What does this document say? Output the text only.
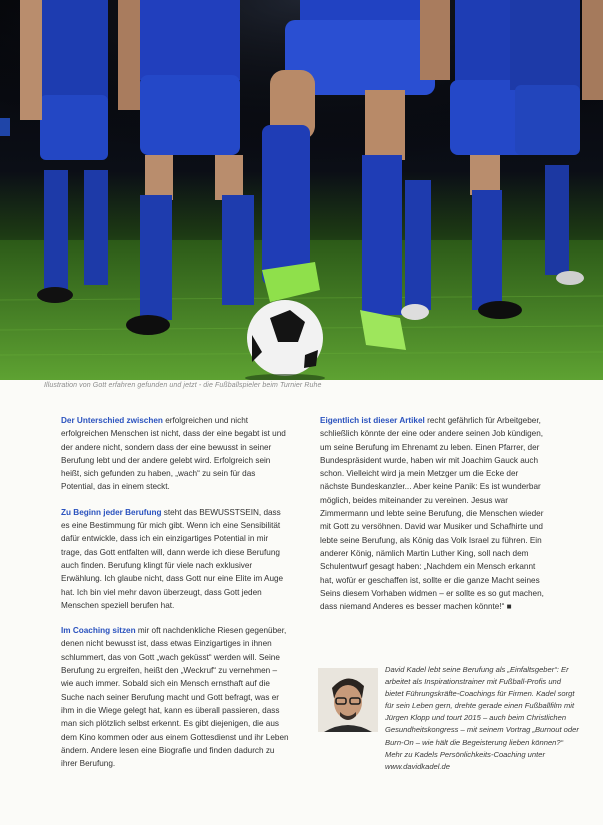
Illustration von Gott erfahren gefunden und jetzt - die Fußballspieler beim Turnier Ruhe

Der Unterschied zwischen erfolgreichen und nicht erfolgreichen Menschen ist nicht, dass der eine begabt ist und der andere nicht, sondern dass der eine bewusst in seiner Berufung lebt und der andere gelebt wird. Erfolgreich sein heißt, sich gefunden zu haben, „wach“ zu sein für das Potential, das in einem steckt.

Zu Beginn jeder Berufung steht das BEWUSSTSEIN, dass es eine Bestimmung für mich gibt. Wenn ich eine Sensibilität dafür entwickle, dass ich ein einzigartiges Potential in mir trage, das Gott entfalten will, dann werde ich diese Berufung auch finden. Berufung klingt für viele nach exklusiver Erwählung. Ich glaube nicht, dass Gott nur eine Elite im Auge hat. Ich bin viel mehr davon überzeugt, dass Gott jeden Menschen speziell berufen hat.

Im Coaching sitzen mir oft nachdenkliche Riesen gegenüber, denen nicht bewusst ist, dass etwas Einzigartiges in ihnen schlummert, das von Gott „wach geküsst“ werden will. Seine Berufung zu ergreifen, heißt den „Weckruf“ zu vernehmen – wie auch immer. Sobald sich ein Mensch ernsthaft auf die Suche nach seiner Berufung macht und Gott befragt, was er ihm in die Wiege gelegt hat, kann es überall passieren, dass man sich plötzlich selbst erkennt. Es gibt diejenigen, die aus dem Kino kommen oder aus einem Gottesdienst und ihr Leben ändern. Andere lesen eine Biografie und finden dadurch zu ihrer Berufung.

Eigentlich ist dieser Artikel recht gefährlich für Arbeitgeber, schließlich könnte der eine oder andere seinen Job kündigen, um seine Berufung im Ehrenamt zu leben. Einen Pfarrer, der Bundespräsident wurde, haben wir mit Joachim Gauck auch schon. Vielleicht wird ja mein Metzger um die Ecke der nächste Bundeskanzler... Aber keine Panik: Es ist wunderbar möglich, beides miteinander zu vereinen. Jesus war Zimmermann und lebte seine Berufung, die Menschen wieder mit Gott zu versöhnen. David war Musiker und Schafhirte und lebte seine Berufung, als König das Volk Israel zu führen. Ein anderer König, nämlich Martin Luther King, soll nach dem Schulentwurf gesagt haben: „Nachdem ein Mensch erkannt hat, wofür er geschaffen ist, sollte er die ganze Macht seines Seins diesem Vorhaben widmen – er sollte es so gut machen, dass niemand Anderes es besser machen könnte!“ ■

David Kadel lebt seine Berufung als „Einfaltsgeber“: Er arbeitet als Inspirationstrainer mit Fußball-Profis und bietet Führungskräfte-Coachings für Firmen. Kadel sorgt für sein Leben gern, drehte gerade einen Fußballfilm mit Jürgen Klopp und tourt 2015 – auch beim Christlichen Gesundheitskongress – mit seinem Vortrag „Burnout oder Burn-On – wie hält die Begeisterung lieben können?“ Mehr zu Kadels Persönlichkeits-Coaching unter www.davidkadel.de
